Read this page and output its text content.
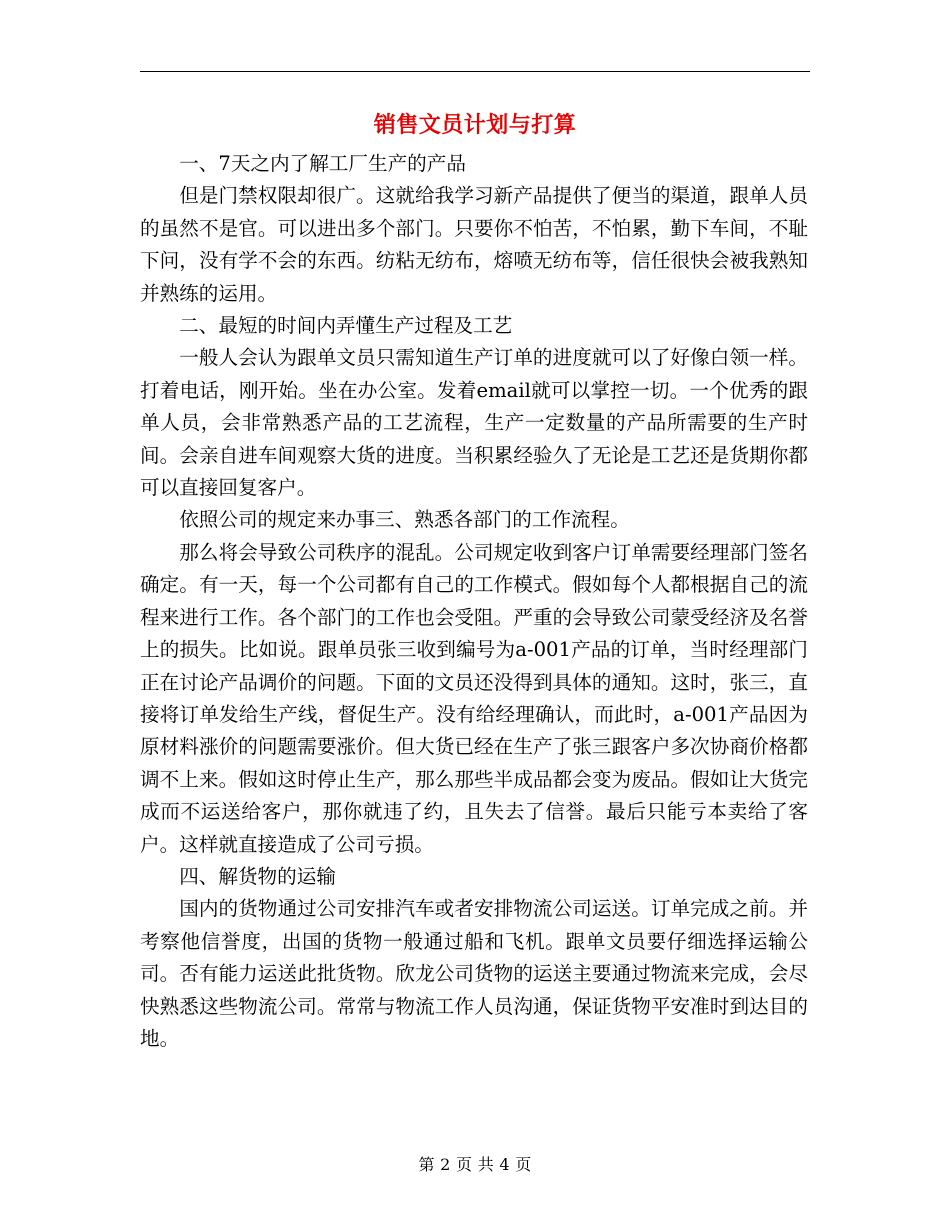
销售文员计划与打算

一、7天之内了解工厂生产的产品

但是门禁权限却很广。这就给我学习新产品提供了便当的渠道，跟单人员的虽然不是官。可以进出多个部门。只要你不怕苦，不怕累，勤下车间，不耻下问，没有学不会的东西。纺粘无纺布，熔喷无纺布等，信任很快会被我熟知并熟练的运用。

二、最短的时间内弄懂生产过程及工艺

一般人会认为跟单文员只需知道生产订单的进度就可以了好像白领一样。打着电话，刚开始。坐在办公室。发着email就可以掌控一切。一个优秀的跟单人员，会非常熟悉产品的工艺流程，生产一定数量的产品所需要的生产时间。会亲自进车间观察大货的进度。当积累经验久了无论是工艺还是货期你都可以直接回复客户。

依照公司的规定来办事三、熟悉各部门的工作流程。

那么将会导致公司秩序的混乱。公司规定收到客户订单需要经理部门签名确定。有一天，每一个公司都有自己的工作模式。假如每个人都根据自己的流程来进行工作。各个部门的工作也会受阻。严重的会导致公司蒙受经济及名誉上的损失。比如说。跟单员张三收到编号为a-001产品的订单，当时经理部门正在讨论产品调价的问题。下面的文员还没得到具体的通知。这时，张三，直接将订单发给生产线，督促生产。没有给经理确认，而此时，a-001产品因为原材料涨价的问题需要涨价。但大货已经在生产了张三跟客户多次协商价格都调不上来。假如这时停止生产，那么那些半成品都会变为废品。假如让大货完成而不运送给客户，那你就违了约，且失去了信誉。最后只能亏本卖给了客户。这样就直接造成了公司亏损。

四、解货物的运输

国内的货物通过公司安排汽车或者安排物流公司运送。订单完成之前。并考察他信誉度，出国的货物一般通过船和飞机。跟单文员要仔细选择运输公司。否有能力运送此批货物。欣龙公司货物的运送主要通过物流来完成，会尽快熟悉这些物流公司。常常与物流工作人员沟通，保证货物平安准时到达目的地。

第 2 页 共 4 页
